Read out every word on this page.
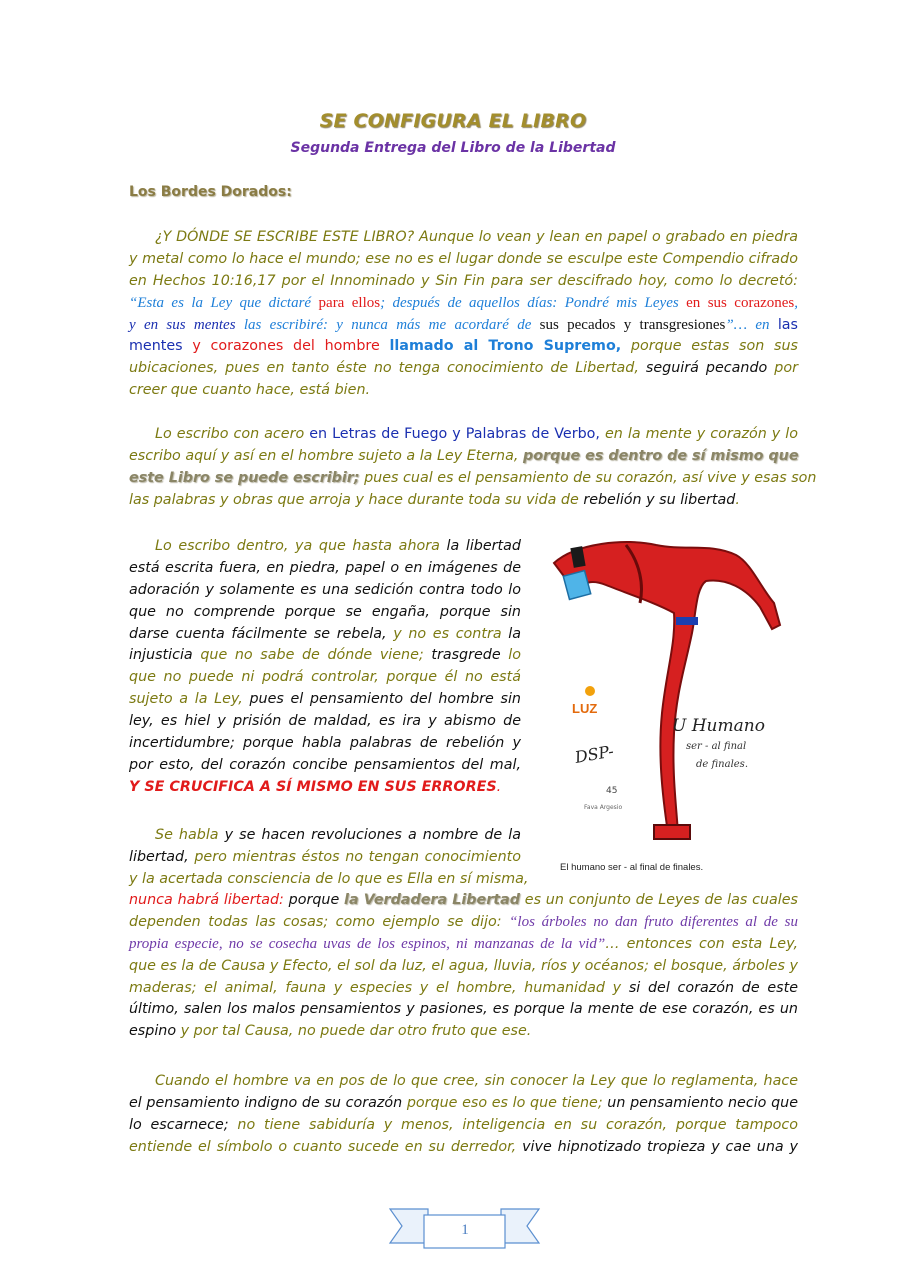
SE CONFIGURA EL LIBRO
Segunda Entrega del Libro de la Libertad
Los Bordes Dorados:
¿Y DÓNDE SE ESCRIBE ESTE LIBRO? Aunque lo vean y lean en papel o grabado en piedra
y metal como lo hace el mundo; ese no es el lugar donde se esculpe este Compendio cifrado
en Hechos 10:16,17 por el Innominado y Sin Fin para ser descifrado hoy, como lo decretó:
“Esta es la Ley que dictaré para ellos; después de aquellos días: Pondré mis Leyes en sus corazones,
y en sus mentes las escribiré: y nunca más me acordaré de sus pecados y transgresiones”… en las
mentes y corazones del hombre llamado al Trono Supremo, porque estas son sus
ubicaciones, pues en tanto éste no tenga conocimiento de Libertad, seguirá pecando por
creer que cuanto hace, está bien.
Lo escribo con acero en Letras de Fuego y Palabras de Verbo, en la mente y corazón y lo
escribo aquí y así en el hombre sujeto a la Ley Eterna, porque es dentro de sí mismo que
este Libro se puede escribir; pues cual es el pensamiento de su corazón, así vive y esas son
las palabras y obras que arroja y hace durante toda su vida de rebelión y su libertad.
Lo escribo dentro, ya que hasta ahora la libertad
está escrita fuera, en piedra, papel o en imágenes de
adoración y solamente es una sedición contra todo lo
que no comprende porque se engaña, porque sin
darse cuenta fácilmente se rebela, y no es contra la
injusticia que no sabe de dónde viene; trasgrede lo
que no puede ni podrá controlar, porque él no está
sujeto a la Ley, pues el pensamiento del hombre sin
ley, es hiel y prisión de maldad, es ira y abismo de
incertidumbre; porque habla palabras de rebelión y
por esto, del corazón concibe pensamientos del mal,
Y SE CRUCIFICA A SÍ MISMO EN SUS ERRORES.
LUZ
U Humano
ser - al final
de finales.
DSP-
45
Fava Argesio
El humano ser - al final de finales.
Se habla y se hacen revoluciones a nombre de la
libertad, pero mientras éstos no tengan conocimiento
y la acertada consciencia de lo que es Ella en sí misma,
nunca habrá libertad: porque la Verdadera Libertad es un conjunto de Leyes de las cuales
dependen todas las cosas; como ejemplo se dijo: “los árboles no dan fruto diferentes al de su
propia especie, no se cosecha uvas de los espinos, ni manzanas de la vid”… entonces con esta Ley,
que es la de Causa y Efecto, el sol da luz, el agua, lluvia, ríos y océanos; el bosque, árboles y
maderas; el animal, fauna y especies y el hombre, humanidad y si del corazón de este
último, salen los malos pensamientos y pasiones, es porque la mente de ese corazón, es un
espino y por tal Causa, no puede dar otro fruto que ese.
Cuando el hombre va en pos de lo que cree, sin conocer la Ley que lo reglamenta, hace
el pensamiento indigno de su corazón porque eso es lo que tiene; un pensamiento necio que
lo escarnece; no tiene sabiduría y menos, inteligencia en su corazón, porque tampoco
entiende el símbolo o cuanto sucede en su derredor, vive hipnotizado tropieza y cae una y
1
